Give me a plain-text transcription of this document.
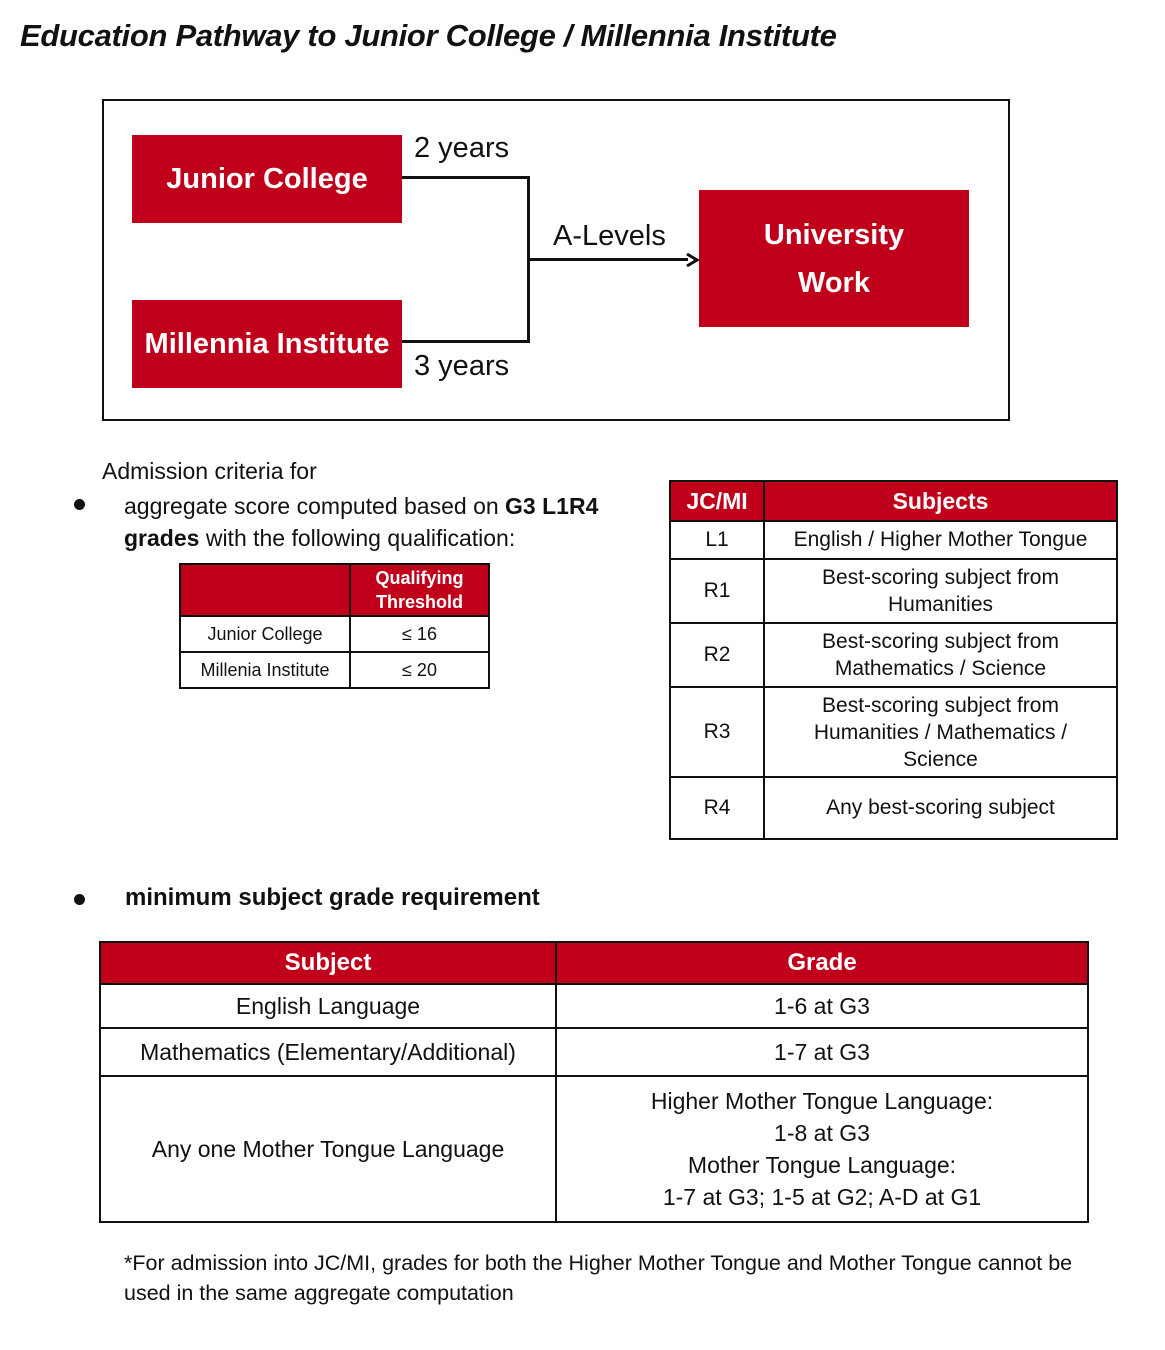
Education Pathway to Junior College / Millennia Institute
Junior College
Millennia Institute
University
Work
2 years
3 years
A-Levels
Admission criteria for
aggregate score computed based on G3 L1R4
grades with the following qualification:
	Qualifying Threshold
Junior College	≤ 16
Millenia Institute	≤ 20
JC/MI	Subjects
L1	English / Higher Mother Tongue
R1	Best-scoring subject from Humanities
R2	Best-scoring subject from Mathematics / Science
R3	Best-scoring subject from Humanities / Mathematics / Science
R4	Any best-scoring subject
minimum subject grade requirement
Subject	Grade
English Language	1-6 at G3
Mathematics (Elementary/Additional)	1-7 at G3
Any one Mother Tongue Language	Higher Mother Tongue Language:
1-8 at G3
Mother Tongue Language:
1-7 at G3; 1-5 at G2; A-D at G1
*For admission into JC/MI, grades for both the Higher Mother Tongue and Mother Tongue cannot be used in the same aggregate computation
